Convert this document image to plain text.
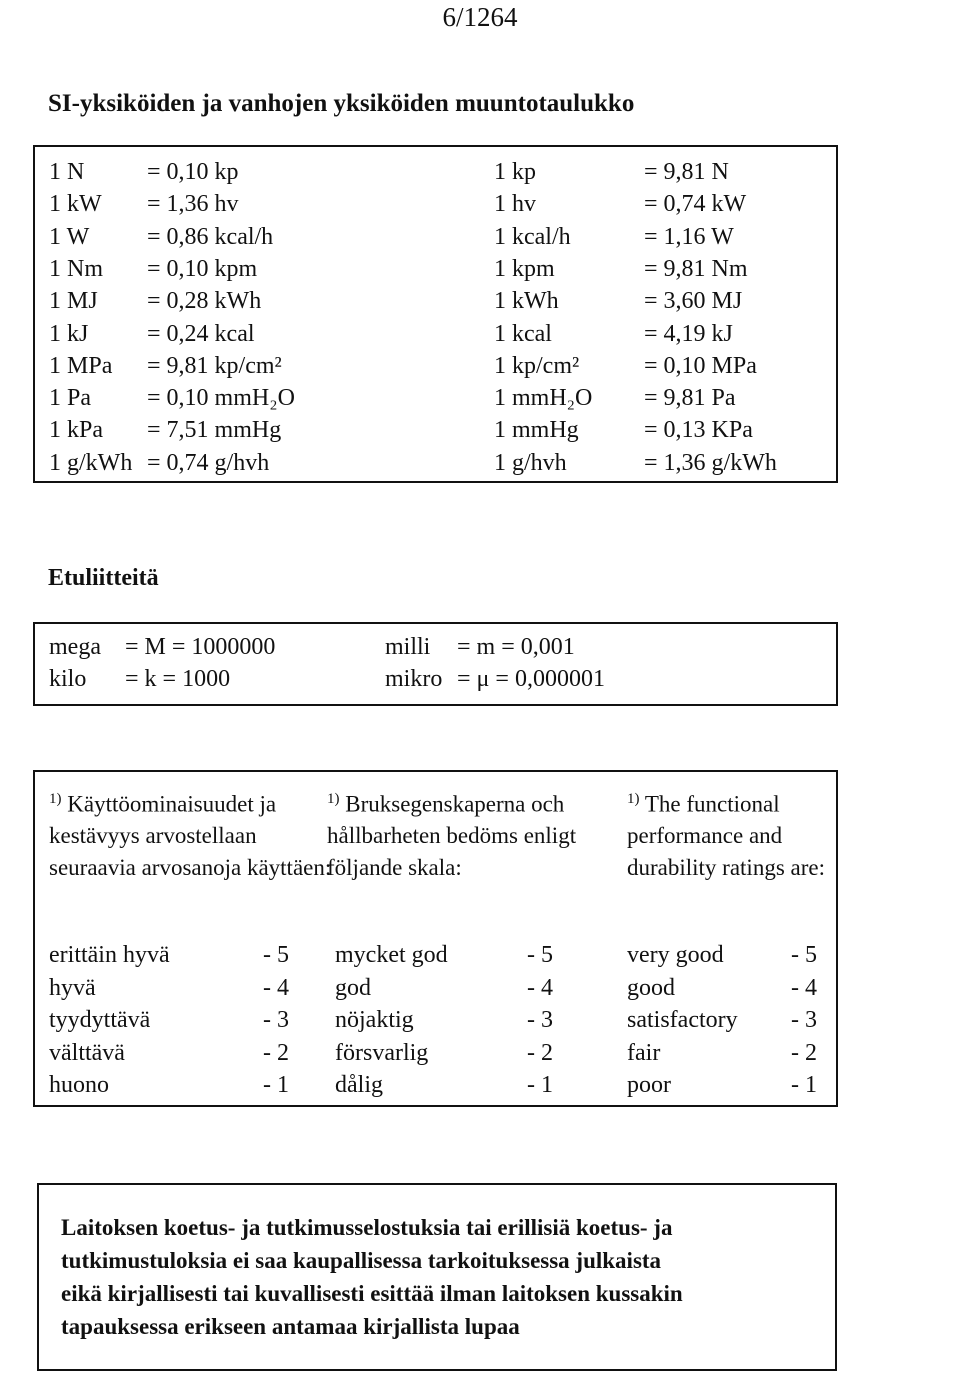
6/1264
SI-yksiköiden ja vanhojen yksiköiden muuntotaulukko
1 N	= 0,10 kp	1 kp	= 9,81 N
1 kW = 1,36 hv	1 hv	= 0,74 kW
1 W = 0,86 kcal/h	1 kcal/h	= 1,16 W
1 Nm = 0,10 kpm	1 kpm	= 9,81 Nm
1 MJ = 0,28 kWh	1 kWh	= 3,60 MJ
1 kJ = 0,24 kcal	1 kcal	= 4,19 kJ
1 MPa = 9,81 kp/cm²	1 kp/cm²	= 0,10 MPa
1 Pa = 0,10 mmH₂O	1 mmH₂O = 9,81 Pa
1 kPa = 7,51 mmHg	1 mmHg	= 0,13 KPa
1 g/kWh = 0,74 g/hvh	1 g/hvh	= 1,36 g/kWh
Etuliitteitä
mega = M = 1000000	milli = m = 0,001
kilo = k = 1000	mikro = μ = 0,000001
$^{1)}$ Käyttöominaisuudet ja kestävyys arvostellaan seuraavia arvosanoja käyttäen:
$^{1)}$ Bruksegenskaperna och hållbarheten bedöms enligt följande skala:
$^{1)}$ The functional performance and durability ratings are:
erittäin hyvä	- 5 mycket god	- 5	very good	- 5
hyvä	- 4 god	- 4	good	- 4
tyydyttävä	- 3 nöjaktig	- 3	satisfactory - 3
välttävä	- 2 försvarlig	- 2	fair	- 2
huono	- 1 dålig	- 1	poor	- 1
Laitoksen koetus- ja tutkimusselostuksia tai erillisiä koetus- ja
tutkimustuloksia ei saa kaupallisessa tarkoituksessa julkaista
eikä kirjallisesti tai kuvallisesti esittää ilman laitoksen kussakin
tapauksessa erikseen antamaa kirjallista lupaa
